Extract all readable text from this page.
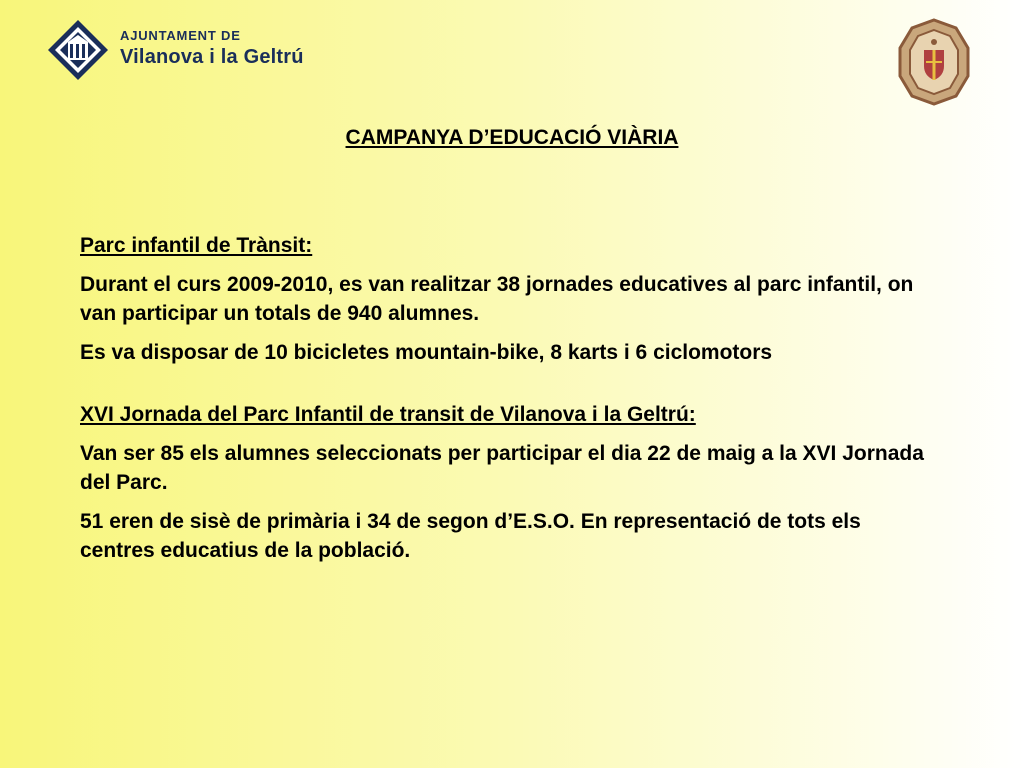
AJUNTAMENT DE
Vilanova i la Geltrú
CAMPANYA D’EDUCACIÓ VIÀRIA
Parc infantil de Trànsit:
Durant el curs 2009-2010, es van realitzar 38 jornades educatives al parc infantil, on van participar un totals de 940 alumnes.
Es va disposar de 10 bicicletes mountain-bike, 8 karts i 6 ciclomotors
XVI Jornada del Parc Infantil de transit de Vilanova i la Geltrú:
Van ser 85 els alumnes seleccionats per participar el dia 22 de maig a la XVI Jornada del Parc.
51 eren de sisè de primària i 34 de segon d’E.S.O. En representació de tots els centres educatius de la població.
